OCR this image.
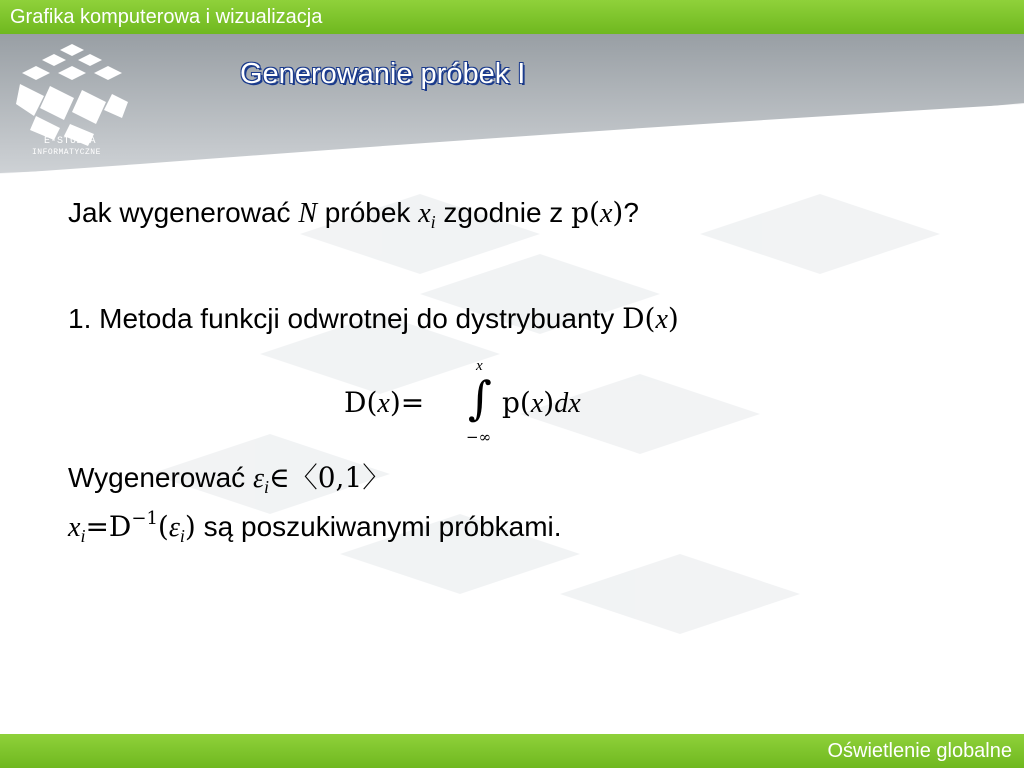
Grafika komputerowa i wizualizacja
E-STUDIA
INFORMATYCZNE
Generowanie próbek I
Jak wygenerować N próbek $x_i$ zgodnie z p(x)?
1. Metoda funkcji odwrotnej do dystrybuanty D(x)
D(x)=
x
∫
−∞
p(x)dx
Wygenerować $\varepsilon_i\in$〈0,1〉
$x_i=D^{-1}(\varepsilon_i)$ są poszukiwanymi próbkami.
Oświetlenie globalne
